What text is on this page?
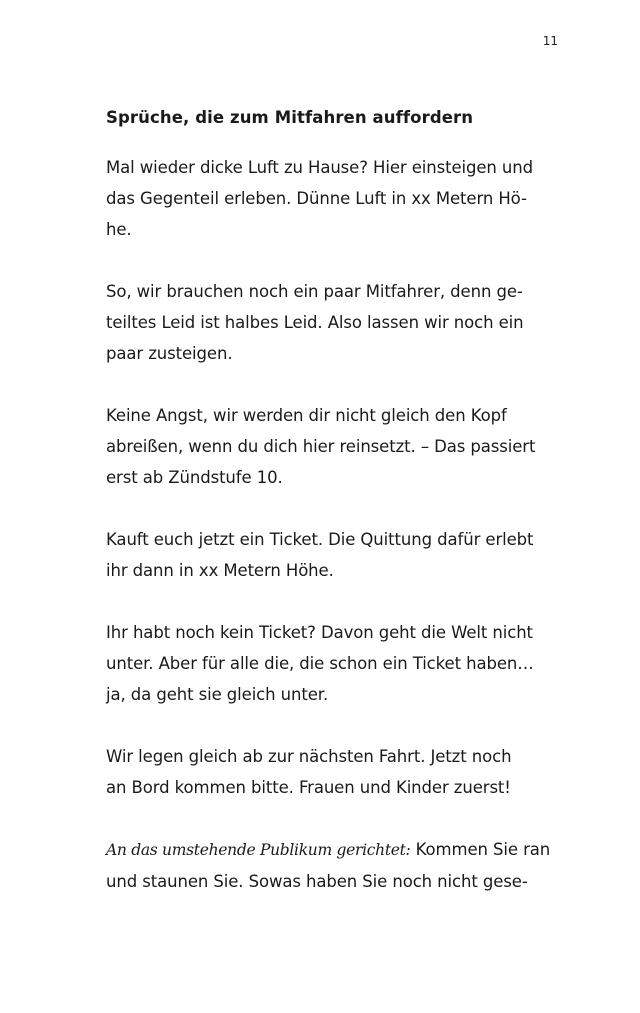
11
Sprüche, die zum Mitfahren auffordern
Mal wieder dicke Luft zu Hause? Hier einsteigen und
das Gegenteil erleben. Dünne Luft in xx Metern Hö-
he.
So, wir brauchen noch ein paar Mitfahrer, denn ge-
teiltes Leid ist halbes Leid. Also lassen wir noch ein
paar zusteigen.
Keine Angst, wir werden dir nicht gleich den Kopf
abreißen, wenn du dich hier reinsetzt. – Das passiert
erst ab Zündstufe 10.
Kauft euch jetzt ein Ticket. Die Quittung dafür erlebt
ihr dann in xx Metern Höhe.
Ihr habt noch kein Ticket? Davon geht die Welt nicht
unter. Aber für alle die, die schon ein Ticket haben…
ja, da geht sie gleich unter.
Wir legen gleich ab zur nächsten Fahrt. Jetzt noch
an Bord kommen bitte. Frauen und Kinder zuerst!
An das umstehende Publikum gerichtet: Kommen Sie ran
und staunen Sie. Sowas haben Sie noch nicht gese-
